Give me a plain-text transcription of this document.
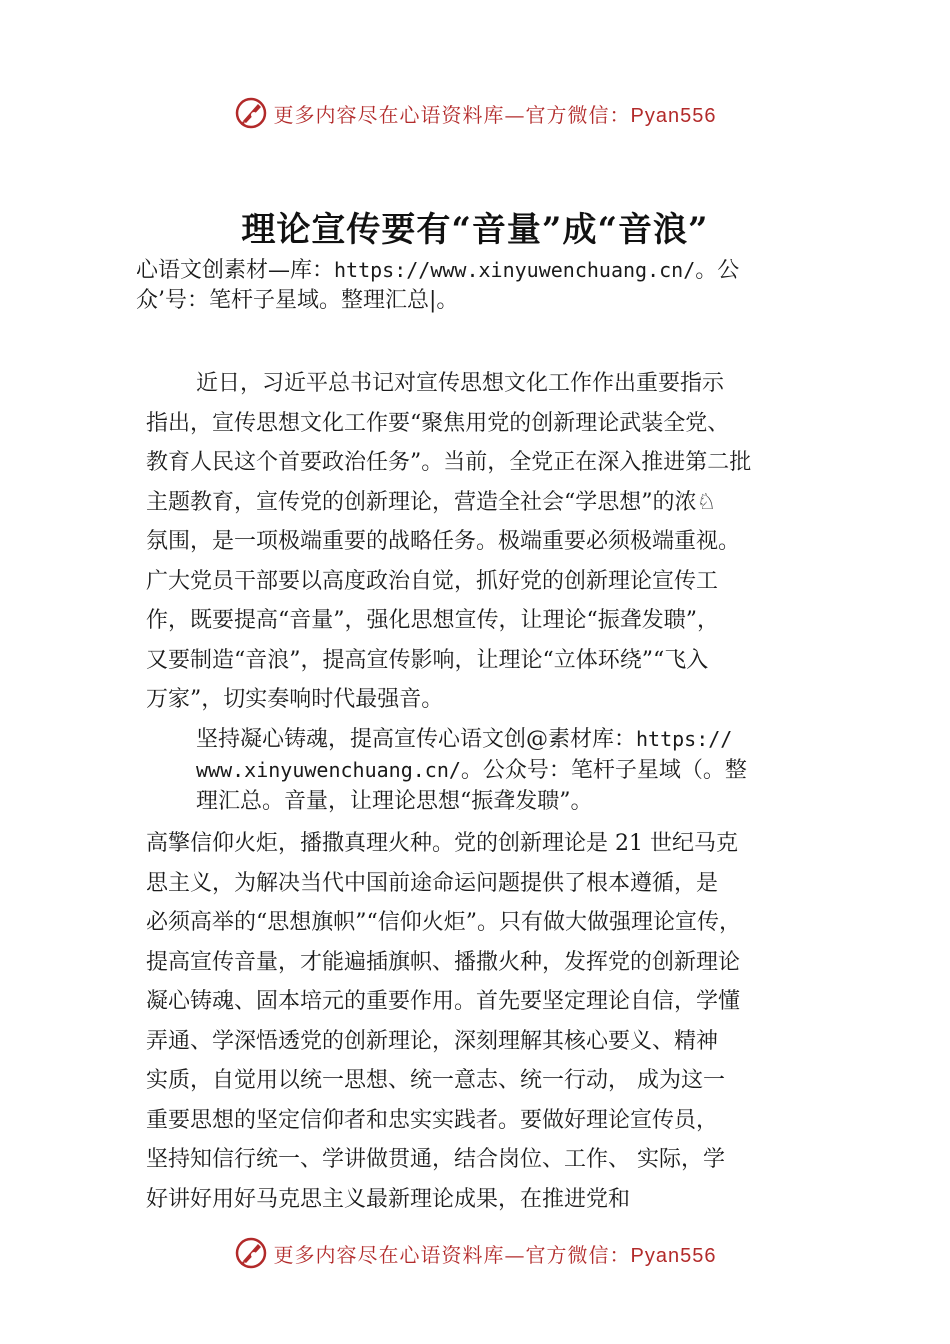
更多内容尽在心语资料库—官方微信：Pyan556
理论宣传要有“音量”成“音浪”
心语文创素材—库：https://www.xinyuwenchuang.cn/。公
众’号：笔杆子星域。整理汇总|。
近日，习近平总书记对宣传思想文化工作作出重要指示
指出，宣传思想文化工作要“聚焦用党的创新理论武装全党、
教育人民这个首要政治任务”。当前，全党正在深入推进第二批
主题教育，宣传党的创新理论，营造全社会“学思想”的浓♘
氛围，是一项极端重要的战略任务。极端重要必须极端重视。
广大党员干部要以高度政治自觉，抓好党的创新理论宣传工
作，既要提高“音量”，强化思想宣传，让理论“振聋发聩”，
又要制造“音浪”，提高宣传影响，让理论“立体环绕”“飞入
万家”，切实奏响时代最强音。
坚持凝心铸魂，提高宣传心语文创@素材库：https://
www.xinyuwenchuang.cn/。公众号：笔杆子星域（。整
理汇总。音量，让理论思想“振聋发聩”。
高擎信仰火炬，播撒真理火种。党的创新理论是 21 世纪马克
思主义，为解决当代中国前途命运问题提供了根本遵循，是
必须高举的“思想旗帜”“信仰火炬”。只有做大做强理论宣传，
提高宣传音量，才能遍插旗帜、播撒火种，发挥党的创新理论
凝心铸魂、固本培元的重要作用。首先要坚定理论自信，学懂
弄通、学深悟透党的创新理论，深刻理解其核心要义、精神
实质，自觉用以统一思想、统一意志、统一行动， 成为这一
重要思想的坚定信仰者和忠实实践者。要做好理论宣传员，
坚持知信行统一、学讲做贯通，结合岗位、工作、 实际，学
好讲好用好马克思主义最新理论成果，在推进党和
更多内容尽在心语资料库—官方微信：Pyan556
